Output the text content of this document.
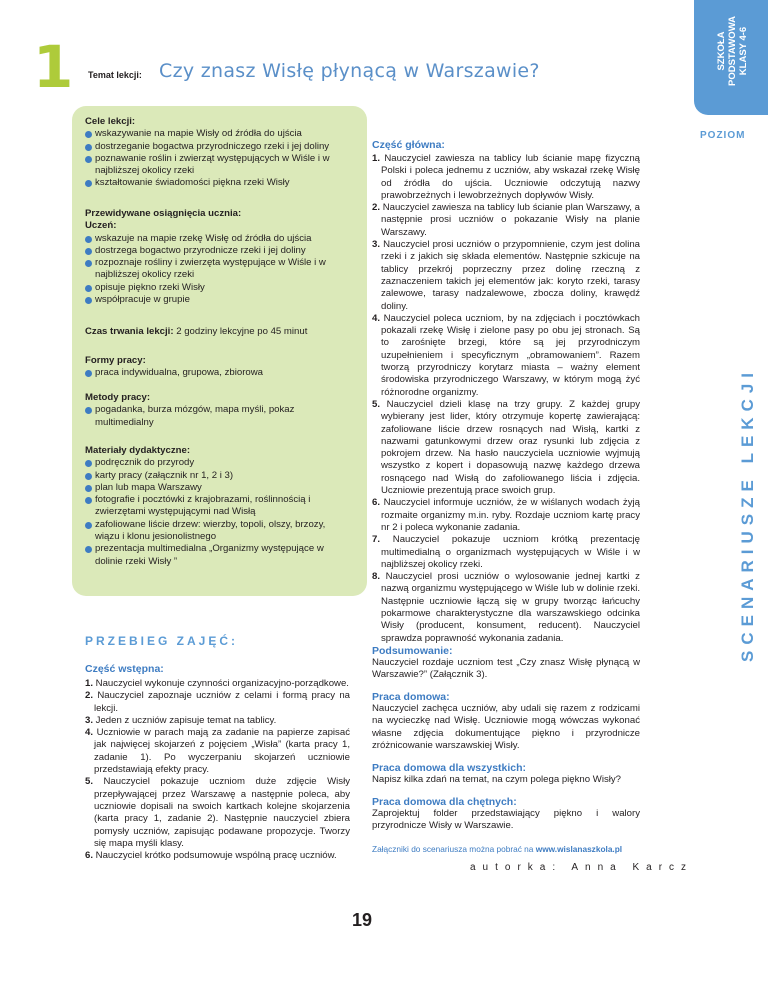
1 Temat lekcji: Czy znasz Wisłę płynącą w Warszawie?
SZKOŁA PODSTAWOWA KLASY 4-6
POZIOM
SCENARIUSZE LEKCJI
Cele lekcji:
wskazywanie na mapie Wisły od źródła do ujścia
dostrzeganie bogactwa przyrodniczego rzeki i jej doliny
poznawanie roślin i zwierząt występujących w Wiśle i w najbliższej okolicy rzeki
kształtowanie świadomości piękna rzeki Wisły
Przewidywane osiągnięcia ucznia:
Uczeń:
wskazuje na mapie rzekę Wisłę od źródła do ujścia
dostrzega bogactwo przyrodnicze rzeki i jej doliny
rozpoznaje rośliny i zwierzęta występujące w Wiśle i w najbliższej okolicy rzeki
opisuje piękno rzeki Wisły
współpracuje w grupie
Czas trwania lekcji: 2 godziny lekcyjne po 45 minut
Formy pracy:
praca indywidualna, grupowa, zbiorowa
Metody pracy:
pogadanka, burza mózgów, mapa myśli, pokaz multimedialny
Materiały dydaktyczne:
podręcznik do przyrody
karty pracy (załącznik nr 1, 2 i 3)
plan lub mapa Warszawy
fotografie i pocztówki z krajobrazami, roślinnością i zwierzętami występującymi nad Wisłą
zafoliowane liście drzew: wierzby, topoli, olszy, brzozy, wiązu i klonu jesionolistnego
prezentacja multimedialna „Organizmy występujące w dolinie rzeki Wisły ”
PRZEBIEG ZAJĘĆ:
Część wstępna:
1. Nauczyciel wykonuje czynności organizacyjno-porządkowe.
2. Nauczyciel zapoznaje uczniów z celami i formą pracy na lekcji.
3. Jeden z uczniów zapisuje temat na tablicy.
4. Uczniowie w parach mają za zadanie na papierze zapisać jak najwięcej skojarzeń z pojęciem „Wisła” (karta pracy 1, zadanie 1). Po wyczerpaniu skojarzeń uczniowie przedstawiają efekty pracy.
5. Nauczyciel pokazuje uczniom duże zdjęcie Wisły przepływającej przez Warszawę a następnie poleca, aby uczniowie dopisali na swoich kartkach kolejne skojarzenia (karta pracy 1, zadanie 2). Następnie nauczyciel zbiera pomysły uczniów, zapisując podawane propozycje. Tworzy się mapa myśli klasy.
6. Nauczyciel krótko podsumowuje wspólną pracę uczniów.
Część główna:
1. Nauczyciel zawiesza na tablicy lub ścianie mapę fizyczną Polski i poleca jednemu z uczniów, aby wskazał rzekę Wisłę od źródła do ujścia. Uczniowie odczytują nazwy prawobrzeżnych i lewobrzeżnych dopływów Wisły.
2. Nauczyciel zawiesza na tablicy lub ścianie plan Warszawy, a następnie prosi uczniów o pokazanie Wisły na planie Warszawy.
3. Nauczyciel prosi uczniów o przypomnienie, czym jest dolina rzeki i z jakich się składa elementów. Następnie szkicuje na tablicy przekrój poprzeczny przez dolinę rzeczną z zaznaczeniem takich jej elementów jak: koryto rzeki, tarasy zalewowe, tarasy nadzalewowe, zbocza doliny, krawędź doliny.
4. Nauczyciel poleca uczniom, by na zdjęciach i pocztówkach pokazali rzekę Wisłę i zielone pasy po obu jej stronach. Są to zarośnięte brzegi, które są jej przyrodniczym uzupełnieniem i specyficznym „obramowaniem”. Razem tworzą przyrodniczy korytarz miasta – ważny element środowiska przyrodniczego Warszawy, w którym mogą żyć różnorodne organizmy.
5. Nauczyciel dzieli klasę na trzy grupy. Z każdej grupy wybierany jest lider, który otrzymuje kopertę zawierającą: zafoliowane liście drzew rosnących nad Wisłą, kartki z nazwami gatunkowymi drzew oraz rysunki lub zdjęcia z pokrojem drzew. Na hasło nauczyciela uczniowie wyjmują wszystko z kopert i dopasowują nazwę każdego drzewa rosnącego nad Wisłą do zafoliowanego liścia i zdjęcia. Uczniowie prezentują prace swoich grup.
6. Nauczyciel informuje uczniów, że w wiślanych wodach żyją rozmaite organizmy m.in. ryby. Rozdaje uczniom kartę pracy nr 2 i poleca wykonanie zadania.
7. Nauczyciel pokazuje uczniom krótką prezentację multimedialną o organizmach występujących w Wiśle i w najbliższej okolicy rzeki.
8. Nauczyciel prosi uczniów o wylosowanie jednej kartki z nazwą organizmu występującego w Wiśle lub w dolinie rzeki. Następnie uczniowie łączą się w grupy tworząc łańcuchy pokarmowe charakterystyczne dla warszawskiego odcinka Wisły (producent, konsument, reducent). Nauczyciel sprawdza poprawność wykonania zadania.
Podsumowanie:
Nauczyciel rozdaje uczniom test „Czy znasz Wisłę płynącą w Warszawie?” (Załącznik 3).
Praca domowa:
Nauczyciel zachęca uczniów, aby udali się razem z rodzicami na wycieczkę nad Wisłę. Uczniowie mogą wówczas wykonać własne zdjęcia dokumentujące piękno i przyrodnicze zróżnicowanie warszawskiej Wisły.
Praca domowa dla wszystkich:
Napisz kilka zdań na temat, na czym polega piękno Wisły?
Praca domowa dla chętnych:
Zaprojektuj folder przedstawiający piękno i walory przyrodnicze Wisły w Warszawie.
Załączniki do scenariusza można pobrać na www.wislanaszkola.pl
autorka: Anna Karcz
19
